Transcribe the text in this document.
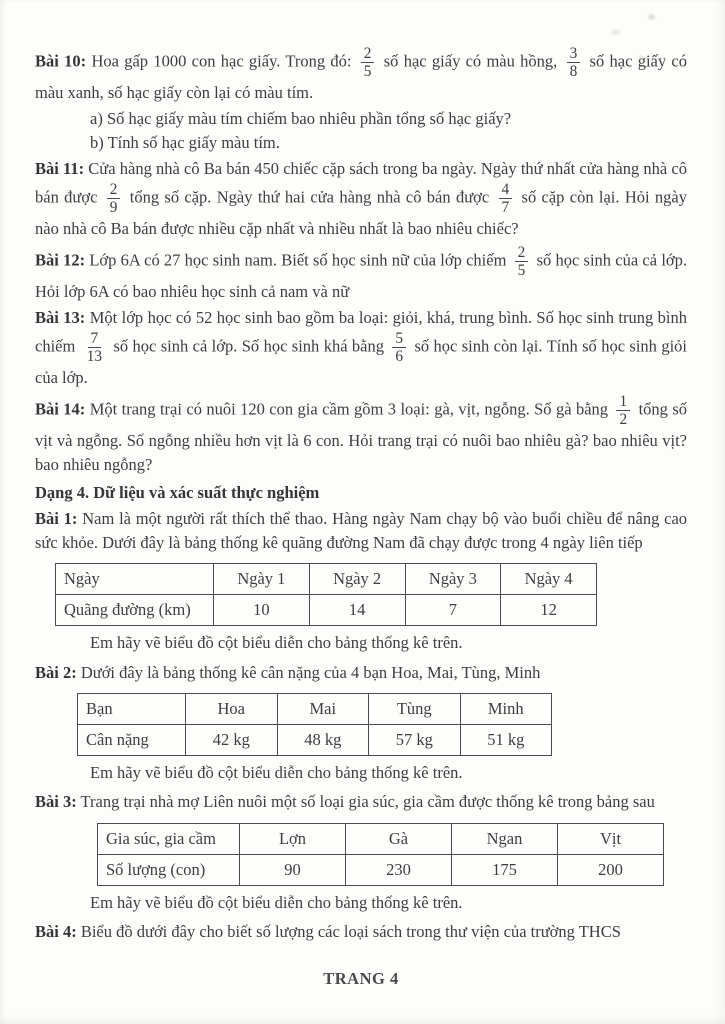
Bài 10: Hoa gấp 1000 con hạc giấy. Trong đó: $\frac{2}{5}$ số hạc giấy có màu hồng, $\frac{3}{8}$ số hạc giấy có màu xanh, số hạc giấy còn lại có màu tím.

a) Số hạc giấy màu tím chiếm bao nhiêu phần tổng số hạc giấy?

b) Tính số hạc giấy màu tím.

Bài 11: Cửa hàng nhà cô Ba bán 450 chiếc cặp sách trong ba ngày. Ngày thứ nhất cửa hàng nhà cô bán được $\frac{2}{9}$ tổng số cặp. Ngày thứ hai cửa hàng nhà cô bán được $\frac{4}{7}$ số cặp còn lại. Hỏi ngày nào nhà cô Ba bán được nhiều cặp nhất và nhiều nhất là bao nhiêu chiếc?

Bài 12: Lớp 6A có 27 học sinh nam. Biết số học sinh nữ của lớp chiếm $\frac{2}{5}$ số học sinh của cả lớp. Hỏi lớp 6A có bao nhiêu học sinh cả nam và nữ

Bài 13: Một lớp học có 52 học sinh bao gồm ba loại: giỏi, khá, trung bình. Số học sinh trung bình chiếm $\frac{7}{13}$ số học sinh cả lớp. Số học sinh khá bằng $\frac{5}{6}$ số học sinh còn lại. Tính số học sinh giỏi của lớp.

Bài 14: Một trang trại có nuôi 120 con gia cầm gồm 3 loại: gà, vịt, ngỗng. Số gà bằng $\frac{1}{2}$ tổng số vịt và ngỗng. Số ngỗng nhiều hơn vịt là 6 con. Hỏi trang trại có nuôi bao nhiêu gà? bao nhiêu vịt? bao nhiêu ngỗng?

Dạng 4. Dữ liệu và xác suất thực nghiệm

Bài 1: Nam là một người rất thích thể thao. Hàng ngày Nam chạy bộ vào buổi chiều để nâng cao sức khỏe. Dưới đây là bảng thống kê quãng đường Nam đã chạy được trong 4 ngày liên tiếp

Ngày	Ngày 1	Ngày 2	Ngày 3	Ngày 4
Quãng đường (km)	10	14	7	12

Em hãy vẽ biểu đồ cột biểu diễn cho bảng thống kê trên.

Bài 2: Dưới đây là bảng thống kê cân nặng của 4 bạn Hoa, Mai, Tùng, Minh

Bạn	Hoa	Mai	Tùng	Minh
Cân nặng	42 kg	48 kg	57 kg	51 kg

Em hãy vẽ biểu đồ cột biểu diễn cho bảng thống kê trên.

Bài 3: Trang trại nhà mợ Liên nuôi một số loại gia súc, gia cầm được thống kê trong bảng sau

Gia súc, gia cầm	Lợn	Gà	Ngan	Vịt
Số lượng (con)	90	230	175	200

Em hãy vẽ biểu đồ cột biểu diễn cho bảng thống kê trên.

Bài 4: Biểu đồ dưới đây cho biết số lượng các loại sách trong thư viện của trường THCS

TRANG 4
